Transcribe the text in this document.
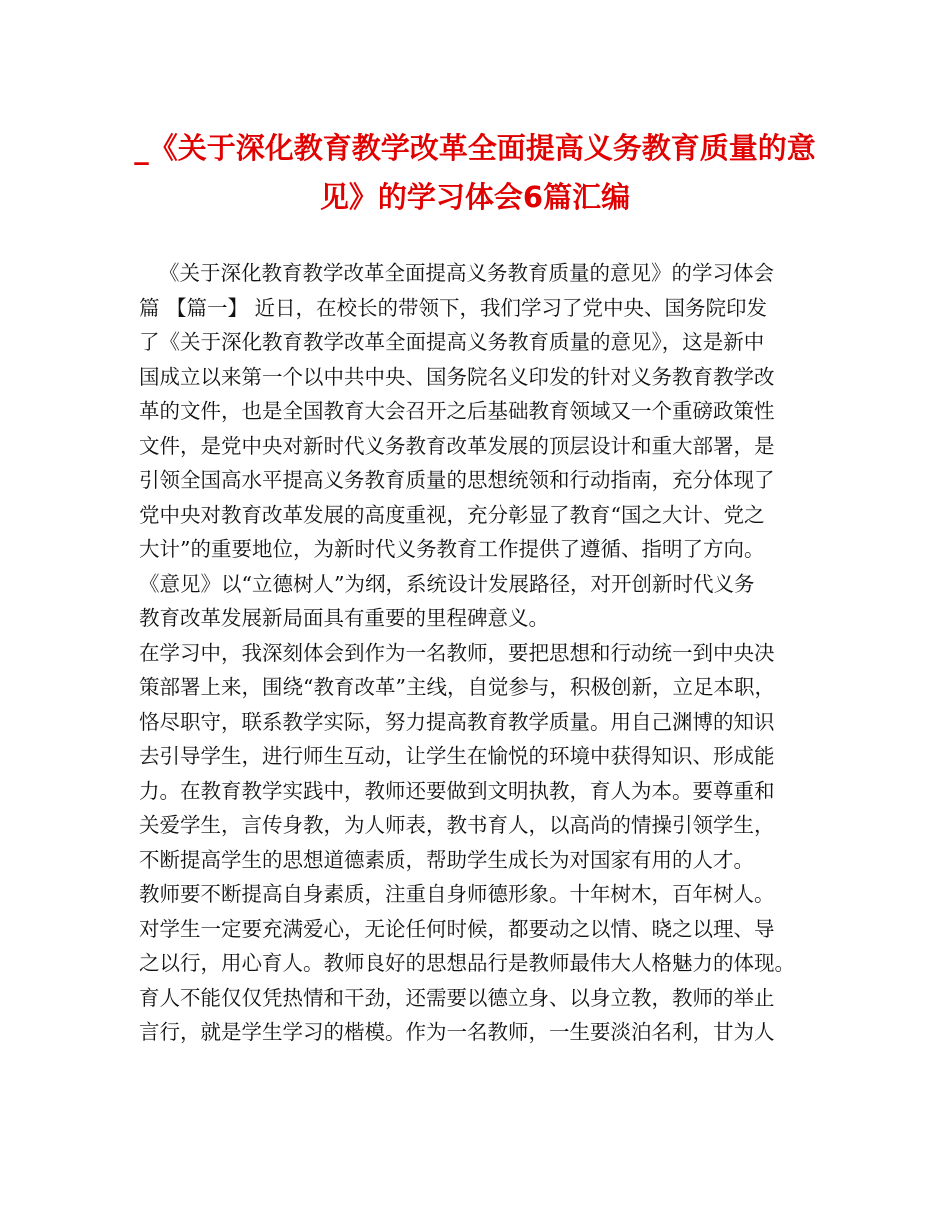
_《关于深化教育教学改革全面提高义务教育质量的意
见》的学习体会6篇汇编
《关于深化教育教学改革全面提高义务教育质量的意见》的学习体会
篇 【篇一】 近日，在校长的带领下，我们学习了党中央、国务院印发
了《关于深化教育教学改革全面提高义务教育质量的意见》，这是新中
国成立以来第一个以中共中央、国务院名义印发的针对义务教育教学改
革的文件，也是全国教育大会召开之后基础教育领域又一个重磅政策性
文件，是党中央对新时代义务教育改革发展的顶层设计和重大部署，是
引领全国高水平提高义务教育质量的思想统领和行动指南，充分体现了
党中央对教育改革发展的高度重视，充分彰显了教育“国之大计、党之
大计”的重要地位，为新时代义务教育工作提供了遵循、指明了方向。
《意见》以“立德树人”为纲，系统设计发展路径，对开创新时代义务
教育改革发展新局面具有重要的里程碑意义。
在学习中，我深刻体会到作为一名教师，要把思想和行动统一到中央决
策部署上来，围绕“教育改革”主线，自觉参与，积极创新，立足本职，
恪尽职守，联系教学实际，努力提高教育教学质量。用自己渊博的知识
去引导学生，进行师生互动，让学生在愉悦的环境中获得知识、形成能
力。在教育教学实践中，教师还要做到文明执教，育人为本。要尊重和
关爱学生，言传身教，为人师表，教书育人，以高尚的情操引领学生，
不断提高学生的思想道德素质，帮助学生成长为对国家有用的人才。
教师要不断提高自身素质，注重自身师德形象。十年树木，百年树人。
对学生一定要充满爱心，无论任何时候，都要动之以情、晓之以理、导
之以行，用心育人。教师良好的思想品行是教师最伟大人格魅力的体现。
育人不能仅仅凭热情和干劲，还需要以德立身、以身立教，教师的举止
言行，就是学生学习的楷模。作为一名教师，一生要淡泊名利，甘为人
